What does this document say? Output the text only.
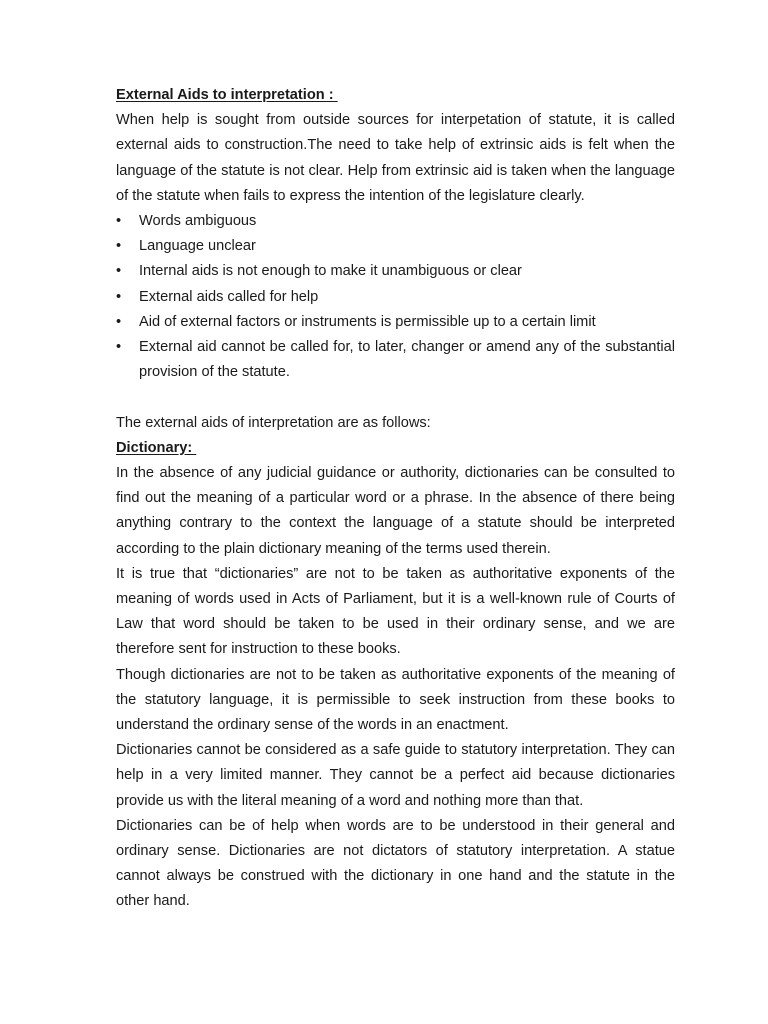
External Aids to interpretation :

When help is sought from outside sources for interpetation of statute, it is called external aids to construction.The need to take help of extrinsic aids is felt when the language of the statute is not clear. Help from extrinsic aid is taken when the language of the statute when fails to express the intention of the legislature clearly.

• Words ambiguous
• Language unclear
• Internal aids is not enough to make it unambiguous or clear
• External aids called for help
• Aid of external factors or instruments is permissible up to a certain limit
• External aid cannot be called for, to later, changer or amend any of the substantial provision of the statute.

The external aids of interpretation are as follows:

Dictionary:

In the absence of any judicial guidance or authority, dictionaries can be consulted to find out the meaning of a particular word or a phrase. In the absence of there being anything contrary to the context the language of a statute should be interpreted according to the plain dictionary meaning of the terms used therein.

It is true that “dictionaries” are not to be taken as authoritative exponents of the meaning of words used in Acts of Parliament, but it is a well-known rule of Courts of Law that word should be taken to be used in their ordinary sense, and we are therefore sent for instruction to these books.

Though dictionaries are not to be taken as authoritative exponents of the meaning of the statutory language, it is permissible to seek instruction from these books to understand the ordinary sense of the words in an enactment.

Dictionaries cannot be considered as a safe guide to statutory interpretation. They can help in a very limited manner. They cannot be a perfect aid because dictionaries provide us with the literal meaning of a word and nothing more than that.

Dictionaries can be of help when words are to be understood in their general and ordinary sense. Dictionaries are not dictators of statutory interpretation. A statue cannot always be construed with the dictionary in one hand and the statute in the other hand.
